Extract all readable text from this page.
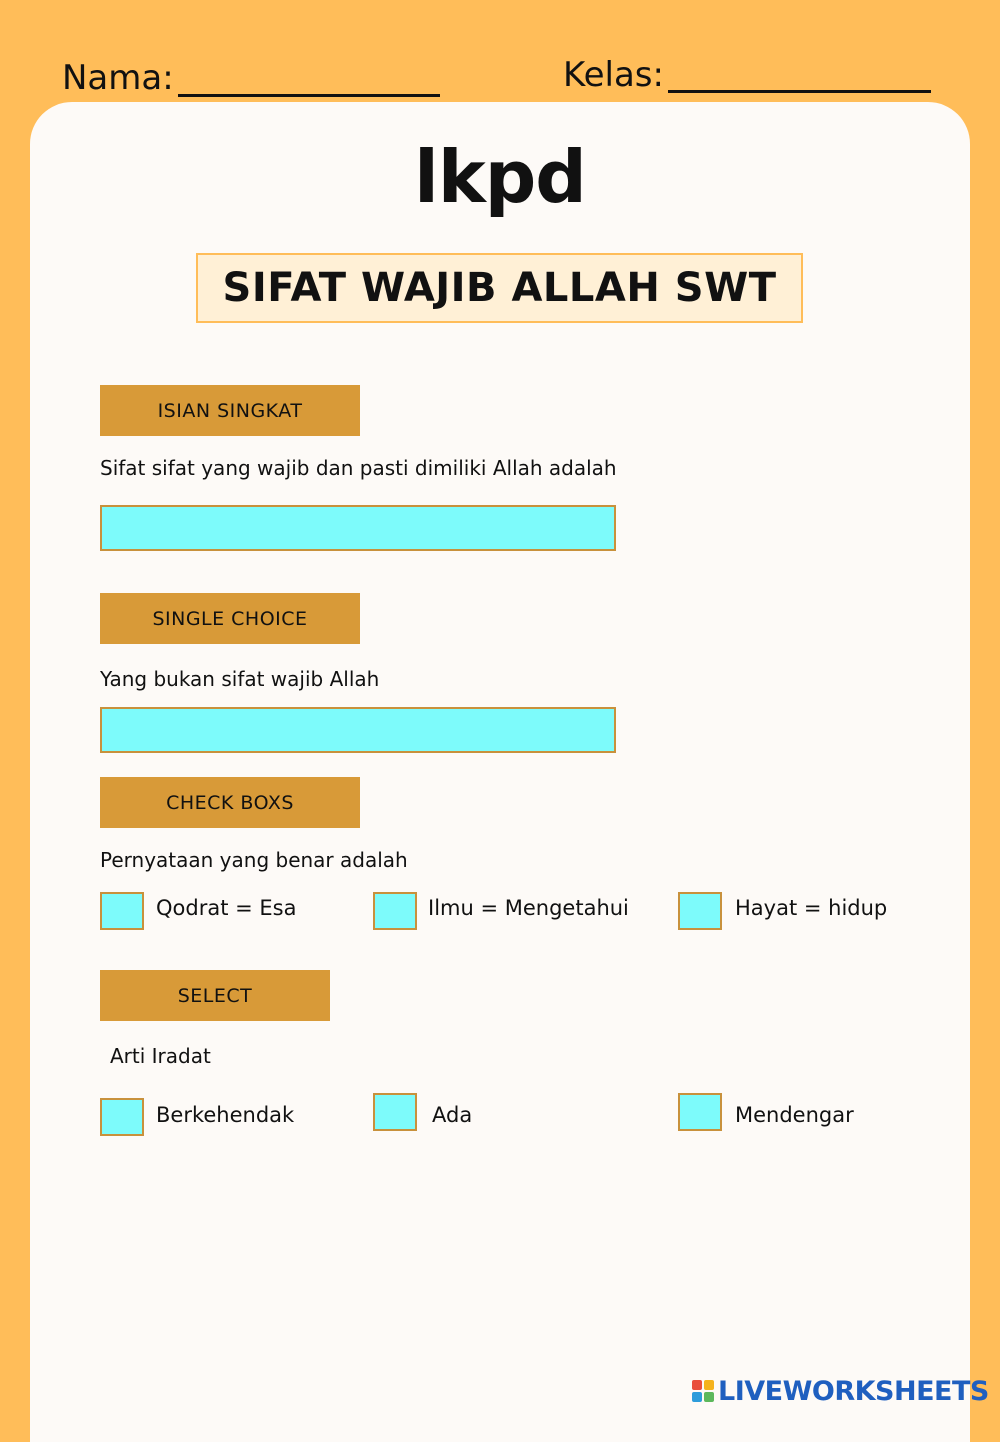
Nama:	Kelas:
lkpd
SIFAT WAJIB ALLAH SWT
ISIAN SINGKAT
Sifat sifat yang wajib dan pasti dimiliki Allah adalah
SINGLE CHOICE
Yang bukan sifat wajib Allah
CHECK BOXS
Pernyataan yang benar adalah
Qodrat = Esa	Ilmu = Mengetahui	Hayat = hidup
SELECT
Arti Iradat
Berkehendak	Ada	Mendengar
LIVEWORKSHEETS
